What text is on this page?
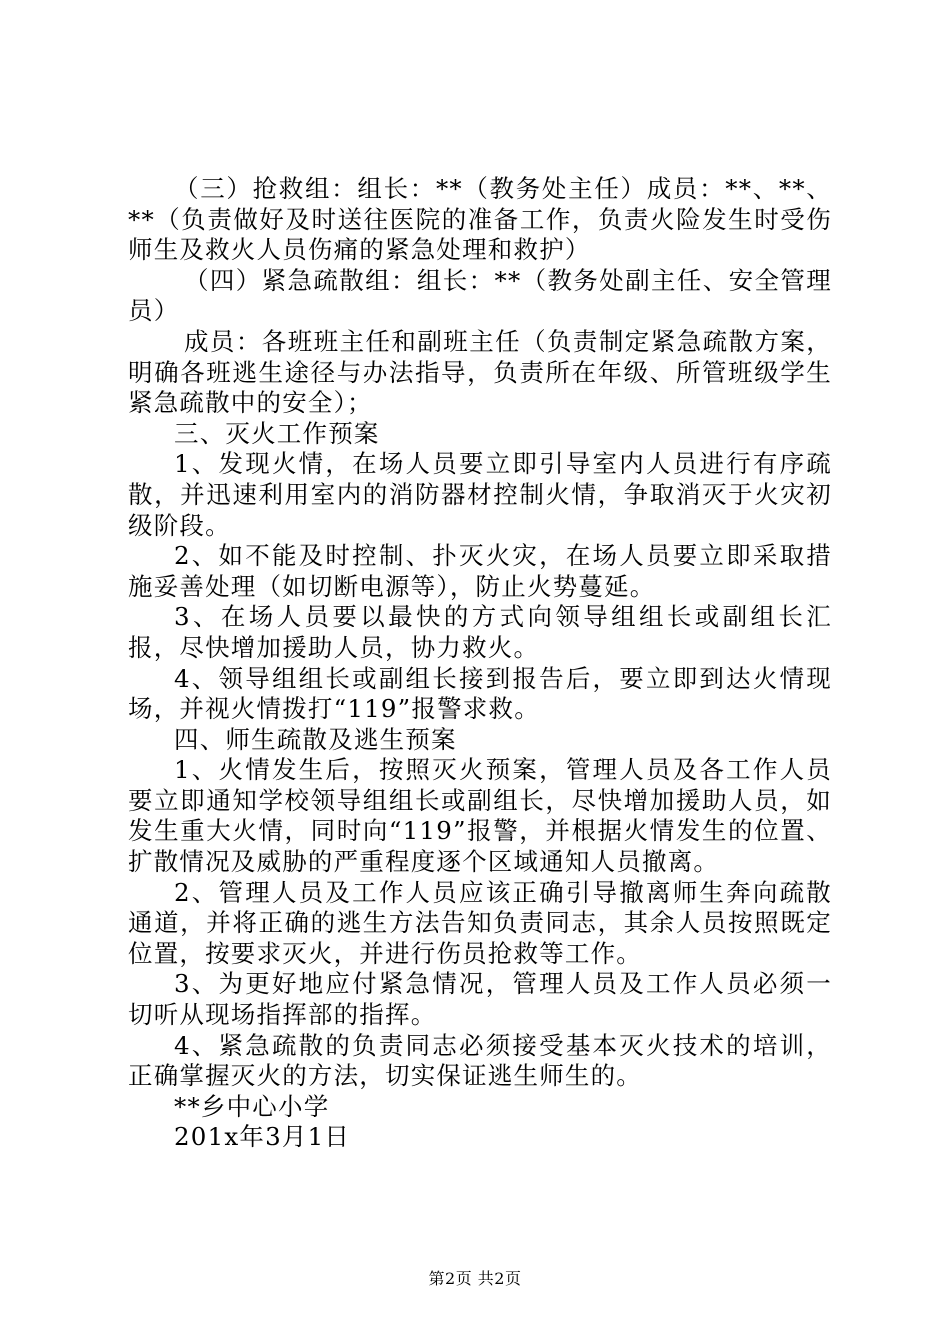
（三）抢救组：组长：**（教务处主任）成员：**、**、**（负责做好及时送往医院的准备工作，负责火险发生时受伤师生及救火人员伤痛的紧急处理和救护）

（四）紧急疏散组：组长：**（教务处副主任、安全管理员）

成员：各班班主任和副班主任（负责制定紧急疏散方案，明确各班逃生途径与办法指导，负责所在年级、所管班级学生紧急疏散中的安全）；

三、灭火工作预案

1、发现火情，在场人员要立即引导室内人员进行有序疏散，并迅速利用室内的消防器材控制火情，争取消灭于火灾初级阶段。

2、如不能及时控制、扑灭火灾，在场人员要立即采取措施妥善处理（如切断电源等），防止火势蔓延。

3、在场人员要以最快的方式向领导组组长或副组长汇报，尽快增加援助人员，协力救火。

4、领导组组长或副组长接到报告后，要立即到达火情现场，并视火情拨打“119”报警求救。

四、师生疏散及逃生预案

1、火情发生后，按照灭火预案，管理人员及各工作人员要立即通知学校领导组组长或副组长，尽快增加援助人员，如发生重大火情，同时向“119”报警，并根据火情发生的位置、扩散情况及威胁的严重程度逐个区域通知人员撤离。

2、管理人员及工作人员应该正确引导撤离师生奔向疏散通道，并将正确的逃生方法告知负责同志，其余人员按照既定位置，按要求灭火，并进行伤员抢救等工作。

3、为更好地应付紧急情况，管理人员及工作人员必须一切听从现场指挥部的指挥。

4、紧急疏散的负责同志必须接受基本灭火技术的培训，正确掌握灭火的方法，切实保证逃生师生的。

**乡中心小学

201x年3月1日

第2页 共2页
